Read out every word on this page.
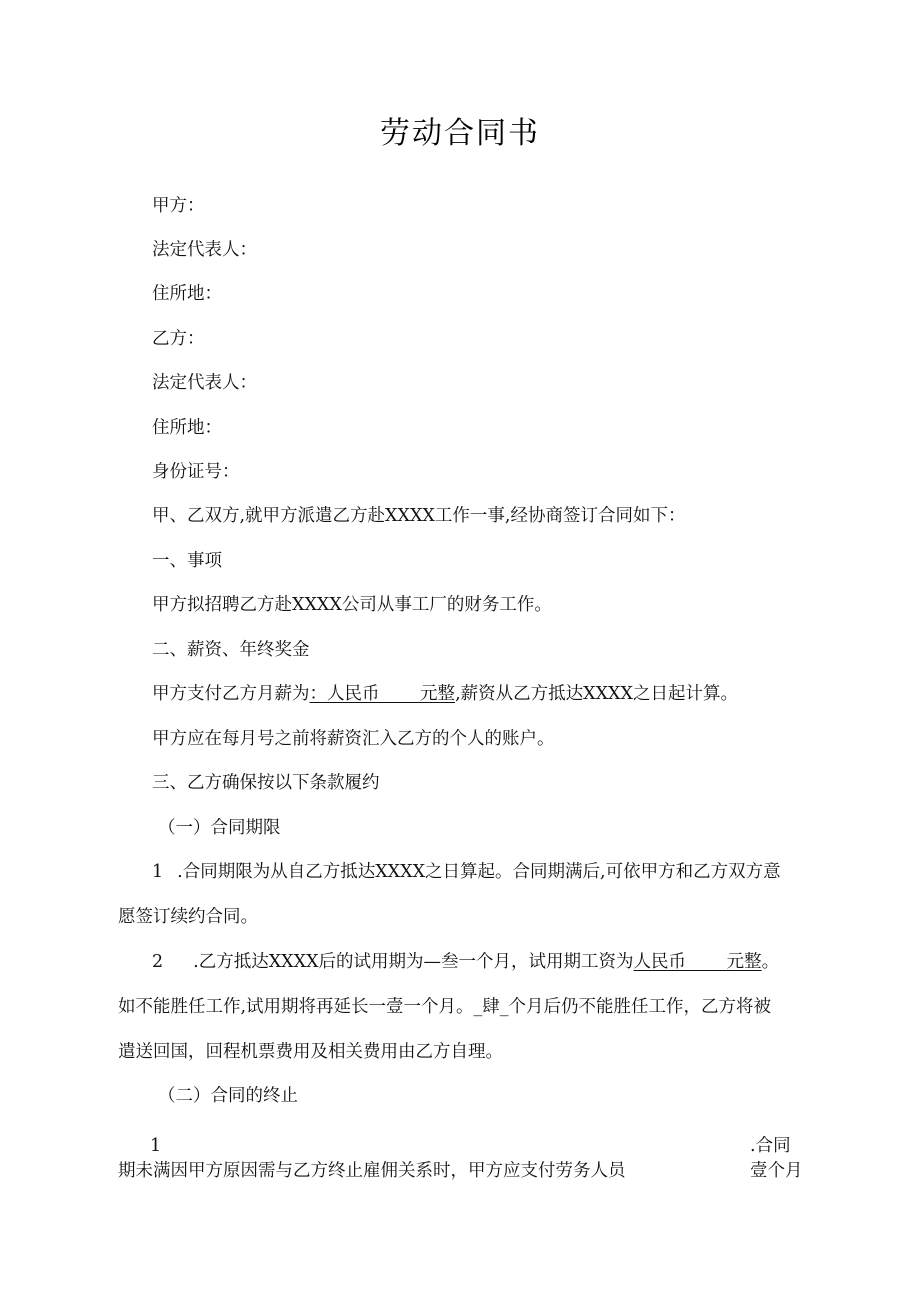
劳动合同书
甲方：
法定代表人：
住所地：
乙方：
法定代表人：
住所地：
身份证号：
甲、乙双方,就甲方派遣乙方赴XXXX工作一事,经协商签订合同如下：
一、事项
甲方拟招聘乙方赴XXXX公司从事工厂的财务工作。
二、薪资、年终奖金
甲方支付乙方月薪为：人民币　 　元整,薪资从乙方抵达XXXX之日起计算。
甲方应在每月号之前将薪资汇入乙方的个人的账户。
三、乙方确保按以下条款履约
（一）合同期限
1 .合同期限为从自乙方抵达XXXX之日算起。合同期满后,可依甲方和乙方双方意
愿签订续约合同。
2 .乙方抵达XXXX后的试用期为—叁一个月，试用期工资为人民币　 　元整。
如不能胜任工作,试用期将再延长一壹一个月。_肆_个月后仍不能胜任工作，乙方将被
遣送回国，回程机票费用及相关费用由乙方自理。
（二）合同的终止
1	.合同
期未满因甲方原因需与乙方终止雇佣关系时，甲方应支付劳务人员	壹个月
